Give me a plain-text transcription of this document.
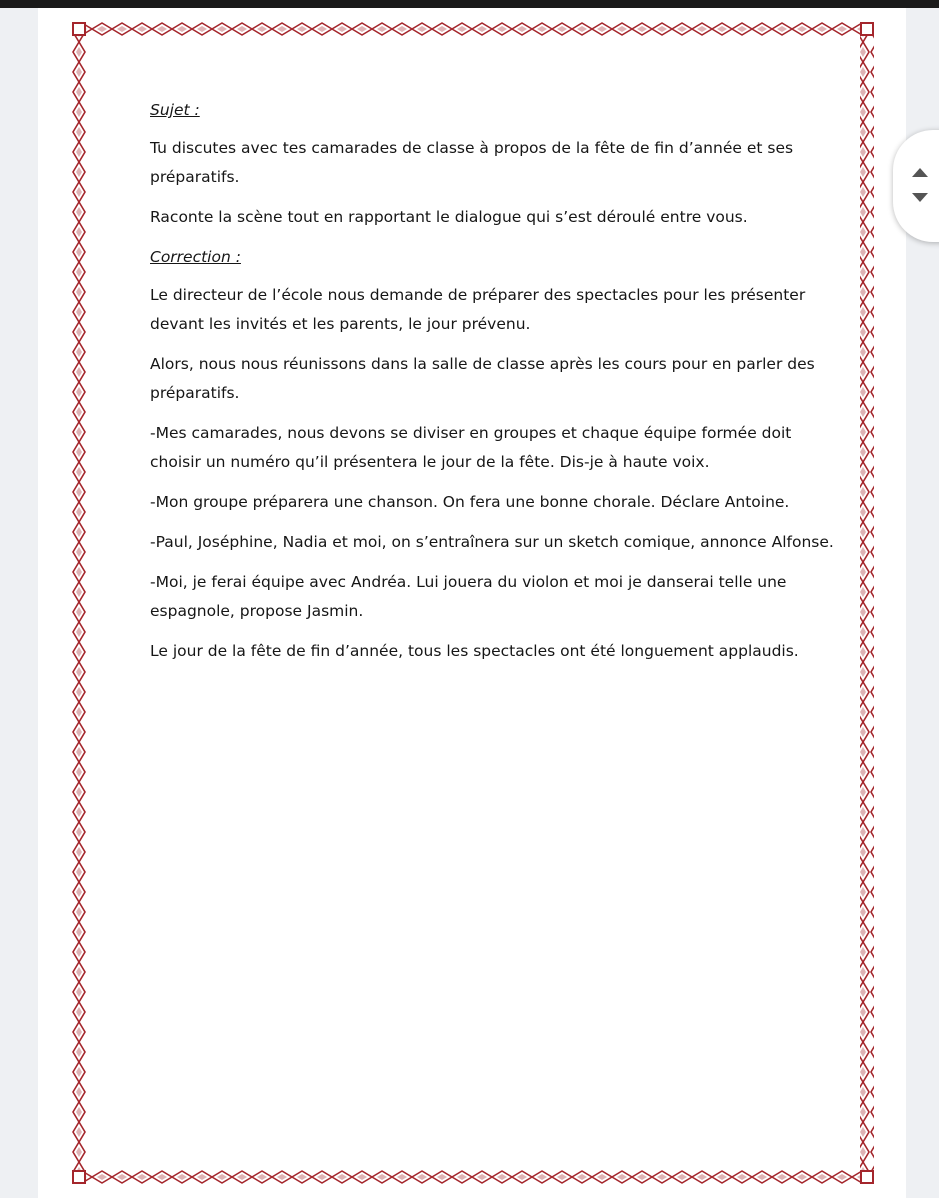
Sujet :

Tu discutes avec tes camarades de classe à propos de la fête de fin d’année et ses préparatifs.

Raconte la scène tout en rapportant le dialogue qui s’est déroulé entre vous.

Correction :

Le directeur de l’école nous demande de préparer des spectacles pour les présenter devant les invités et les parents, le jour prévenu.

Alors, nous nous réunissons dans la salle de classe après les cours pour en parler des préparatifs.

-Mes camarades, nous devons se diviser en groupes et chaque équipe formée doit choisir un numéro qu’il présentera le jour de la fête. Dis-je à haute voix.

-Mon groupe préparera une chanson. On fera une bonne chorale. Déclare Antoine.

-Paul, Joséphine, Nadia et moi, on s’entraînera sur un sketch comique, annonce Alfonse.

-Moi, je ferai équipe avec Andréa. Lui jouera du violon et moi je danserai telle une espagnole, propose Jasmin.

Le jour de la fête de fin d’année, tous les spectacles ont été longuement applaudis.
